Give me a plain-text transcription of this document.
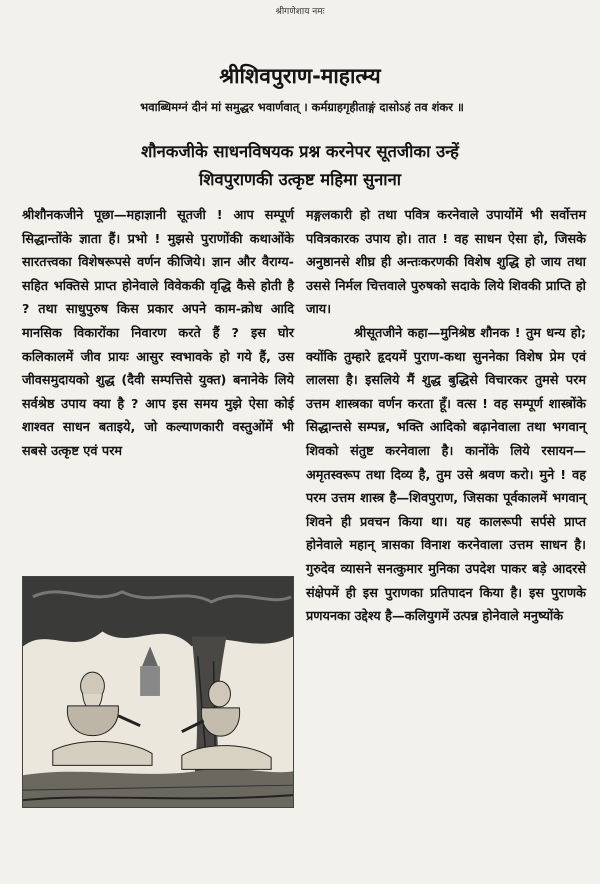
श्रीगणेशाय नमः
श्रीशिवपुराण-माहात्म्य
भवाब्धिमग्नं दीनं मां समुद्धर भवार्णवात् । कर्मग्राहगृहीताङ्गं दासोऽहं तव शंकर ॥
शौनकजीके साधनविषयक प्रश्न करनेपर सूतजीका उन्हें
शिवपुराणकी उत्कृष्ट महिमा सुनाना

श्रीशौनकजीने पूछा—महाज्ञानी सूतजी ! आप सम्पूर्ण सिद्धान्तोंके ज्ञाता हैं। प्रभो ! मुझसे पुराणोंकी कथाओंके सारतत्त्वका विशेषरूपसे वर्णन कीजिये। ज्ञान और वैराग्य-सहित भक्तिसे प्राप्त होनेवाले विवेककी वृद्धि कैसे होती है ? तथा साधुपुरुष किस प्रकार अपने काम-क्रोध आदि मानसिक विकारोंका निवारण करते हैं ? इस घोर कलिकालमें जीव प्रायः आसुर स्वभावके हो गये हैं, उस जीवसमुदायको शुद्ध (दैवी सम्पत्तिसे युक्त) बनानेके लिये सर्वश्रेष्ठ उपाय क्या है ? आप इस समय मुझे ऐसा कोई शाश्वत साधन बताइये, जो कल्याणकारी वस्तुओंमें भी सबसे उत्कृष्ट एवं परम

मङ्गलकारी हो तथा पवित्र करनेवाले उपायोंमें भी सर्वोत्तम पवित्रकारक उपाय हो। तात ! वह साधन ऐसा हो, जिसके अनुष्ठानसे शीघ्र ही अन्तःकरणकी विशेष शुद्धि हो जाय तथा उससे निर्मल चित्तवाले पुरुषको सदाके लिये शिवकी प्राप्ति हो जाय।

श्रीसूतजीने कहा—मुनिश्रेष्ठ शौनक ! तुम धन्य हो; क्योंकि तुम्हारे हृदयमें पुराण-कथा सुननेका विशेष प्रेम एवं लालसा है। इसलिये मैं शुद्ध बुद्धिसे विचारकर तुमसे परम उत्तम शास्त्रका वर्णन करता हूँ। वत्स ! वह सम्पूर्ण शास्त्रोंके सिद्धान्तसे सम्पन्न, भक्ति आदिको बढ़ानेवाला तथा भगवान् शिवको संतुष्ट करनेवाला है। कानोंके लिये रसायन—अमृतस्वरूप तथा दिव्य है, तुम उसे श्रवण करो। मुने ! वह परम उत्तम शास्त्र है—शिवपुराण, जिसका पूर्वकालमें भगवान् शिवने ही प्रवचन किया था। यह कालरूपी सर्पसे प्राप्त होनेवाले महान् त्रासका विनाश करनेवाला उत्तम साधन है। गुरुदेव व्यासने सनत्कुमार मुनिका उपदेश पाकर बड़े आदरसे संक्षेपमें ही इस पुराणका प्रतिपादन किया है। इस पुराणके प्रणयनका उद्देश्य है—कलियुगमें उत्पन्न होनेवाले मनुष्योंके
